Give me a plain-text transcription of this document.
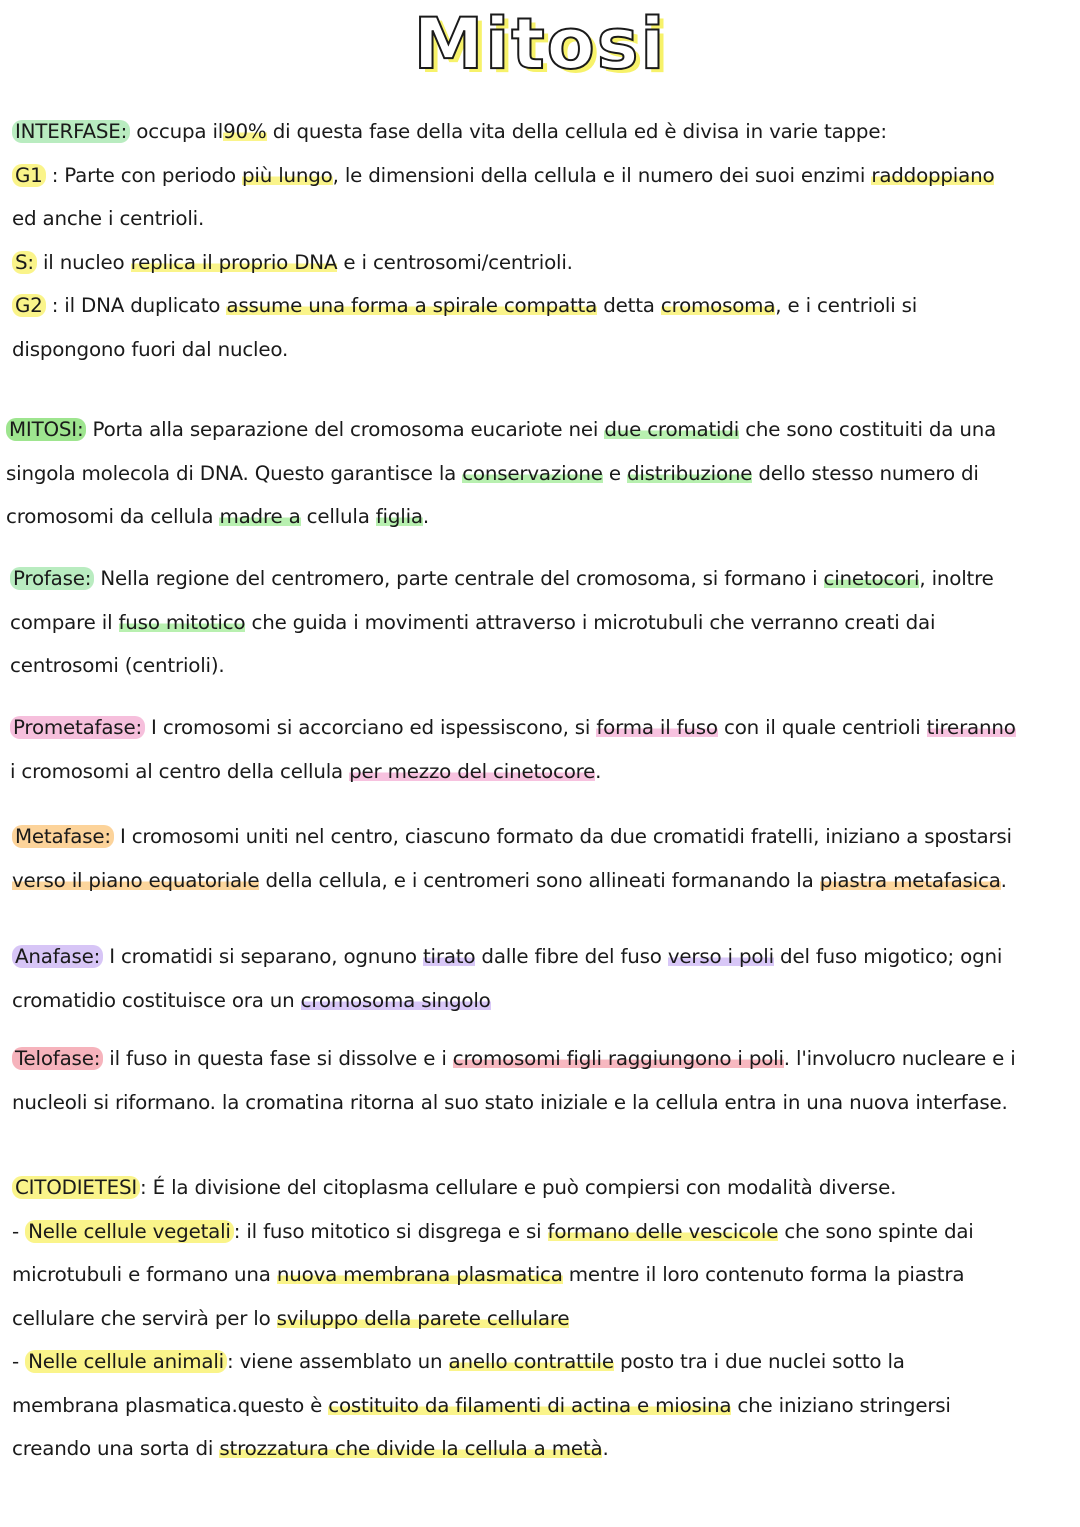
Mitosi
INTERFASE: occupa il90% di questa fase della vita della cellula ed è divisa in varie tappe:
G1 : Parte con periodo più lungo, le dimensioni della cellula e il numero dei suoi enzimi raddoppiano
ed anche i centrioli.
S: il nucleo replica il proprio DNA e i centrosomi/centrioli.
G2 : il DNA duplicato assume una forma a spirale compatta detta cromosoma, e i centrioli si
dispongono fuori dal nucleo.
MITOSI: Porta alla separazione del cromosoma eucariote nei due cromatidi che sono costituiti da una
singola molecola di DNA. Questo garantisce la conservazione e distribuzione dello stesso numero di
cromosomi da cellula madre a cellula figlia.
Profase: Nella regione del centromero, parte centrale del cromosoma, si formano i cinetocori, inoltre
compare il fuso mitotico che guida i movimenti attraverso i microtubuli che verranno creati dai
centrosomi (centrioli).
Prometafase: I cromosomi si accorciano ed ispessiscono, si forma il fuso con il quale centrioli tireranno
i cromosomi al centro della cellula per mezzo del cinetocore.
Metafase: I cromosomi uniti nel centro, ciascuno formato da due cromatidi fratelli, iniziano a spostarsi
verso il piano equatoriale della cellula, e i centromeri sono allineati formanando la piastra metafasica.
Anafase: I cromatidi si separano, ognuno tirato dalle fibre del fuso verso i poli del fuso migotico; ogni
cromatidio costituisce ora un cromosoma singolo
Telofase: il fuso in questa fase si dissolve e i cromosomi figli raggiungono i poli. l'involucro nucleare e i
nucleoli si riformano. la cromatina ritorna al suo stato iniziale e la cellula entra in una nuova interfase.
CITODIETESI : É la divisione del citoplasma cellulare e può compiersi con modalità diverse.
- Nelle cellule vegetali : il fuso mitotico si disgrega e si formano delle vescicole che sono spinte dai
microtubuli e formano una nuova membrana plasmatica mentre il loro contenuto forma la piastra
cellulare che servirà per lo sviluppo della parete cellulare
- Nelle cellule animali : viene assemblato un anello contrattile posto tra i due nuclei sotto la
membrana plasmatica.questo è costituito da filamenti di actina e miosina che iniziano stringersi
creando una sorta di strozzatura che divide la cellula a metà.
